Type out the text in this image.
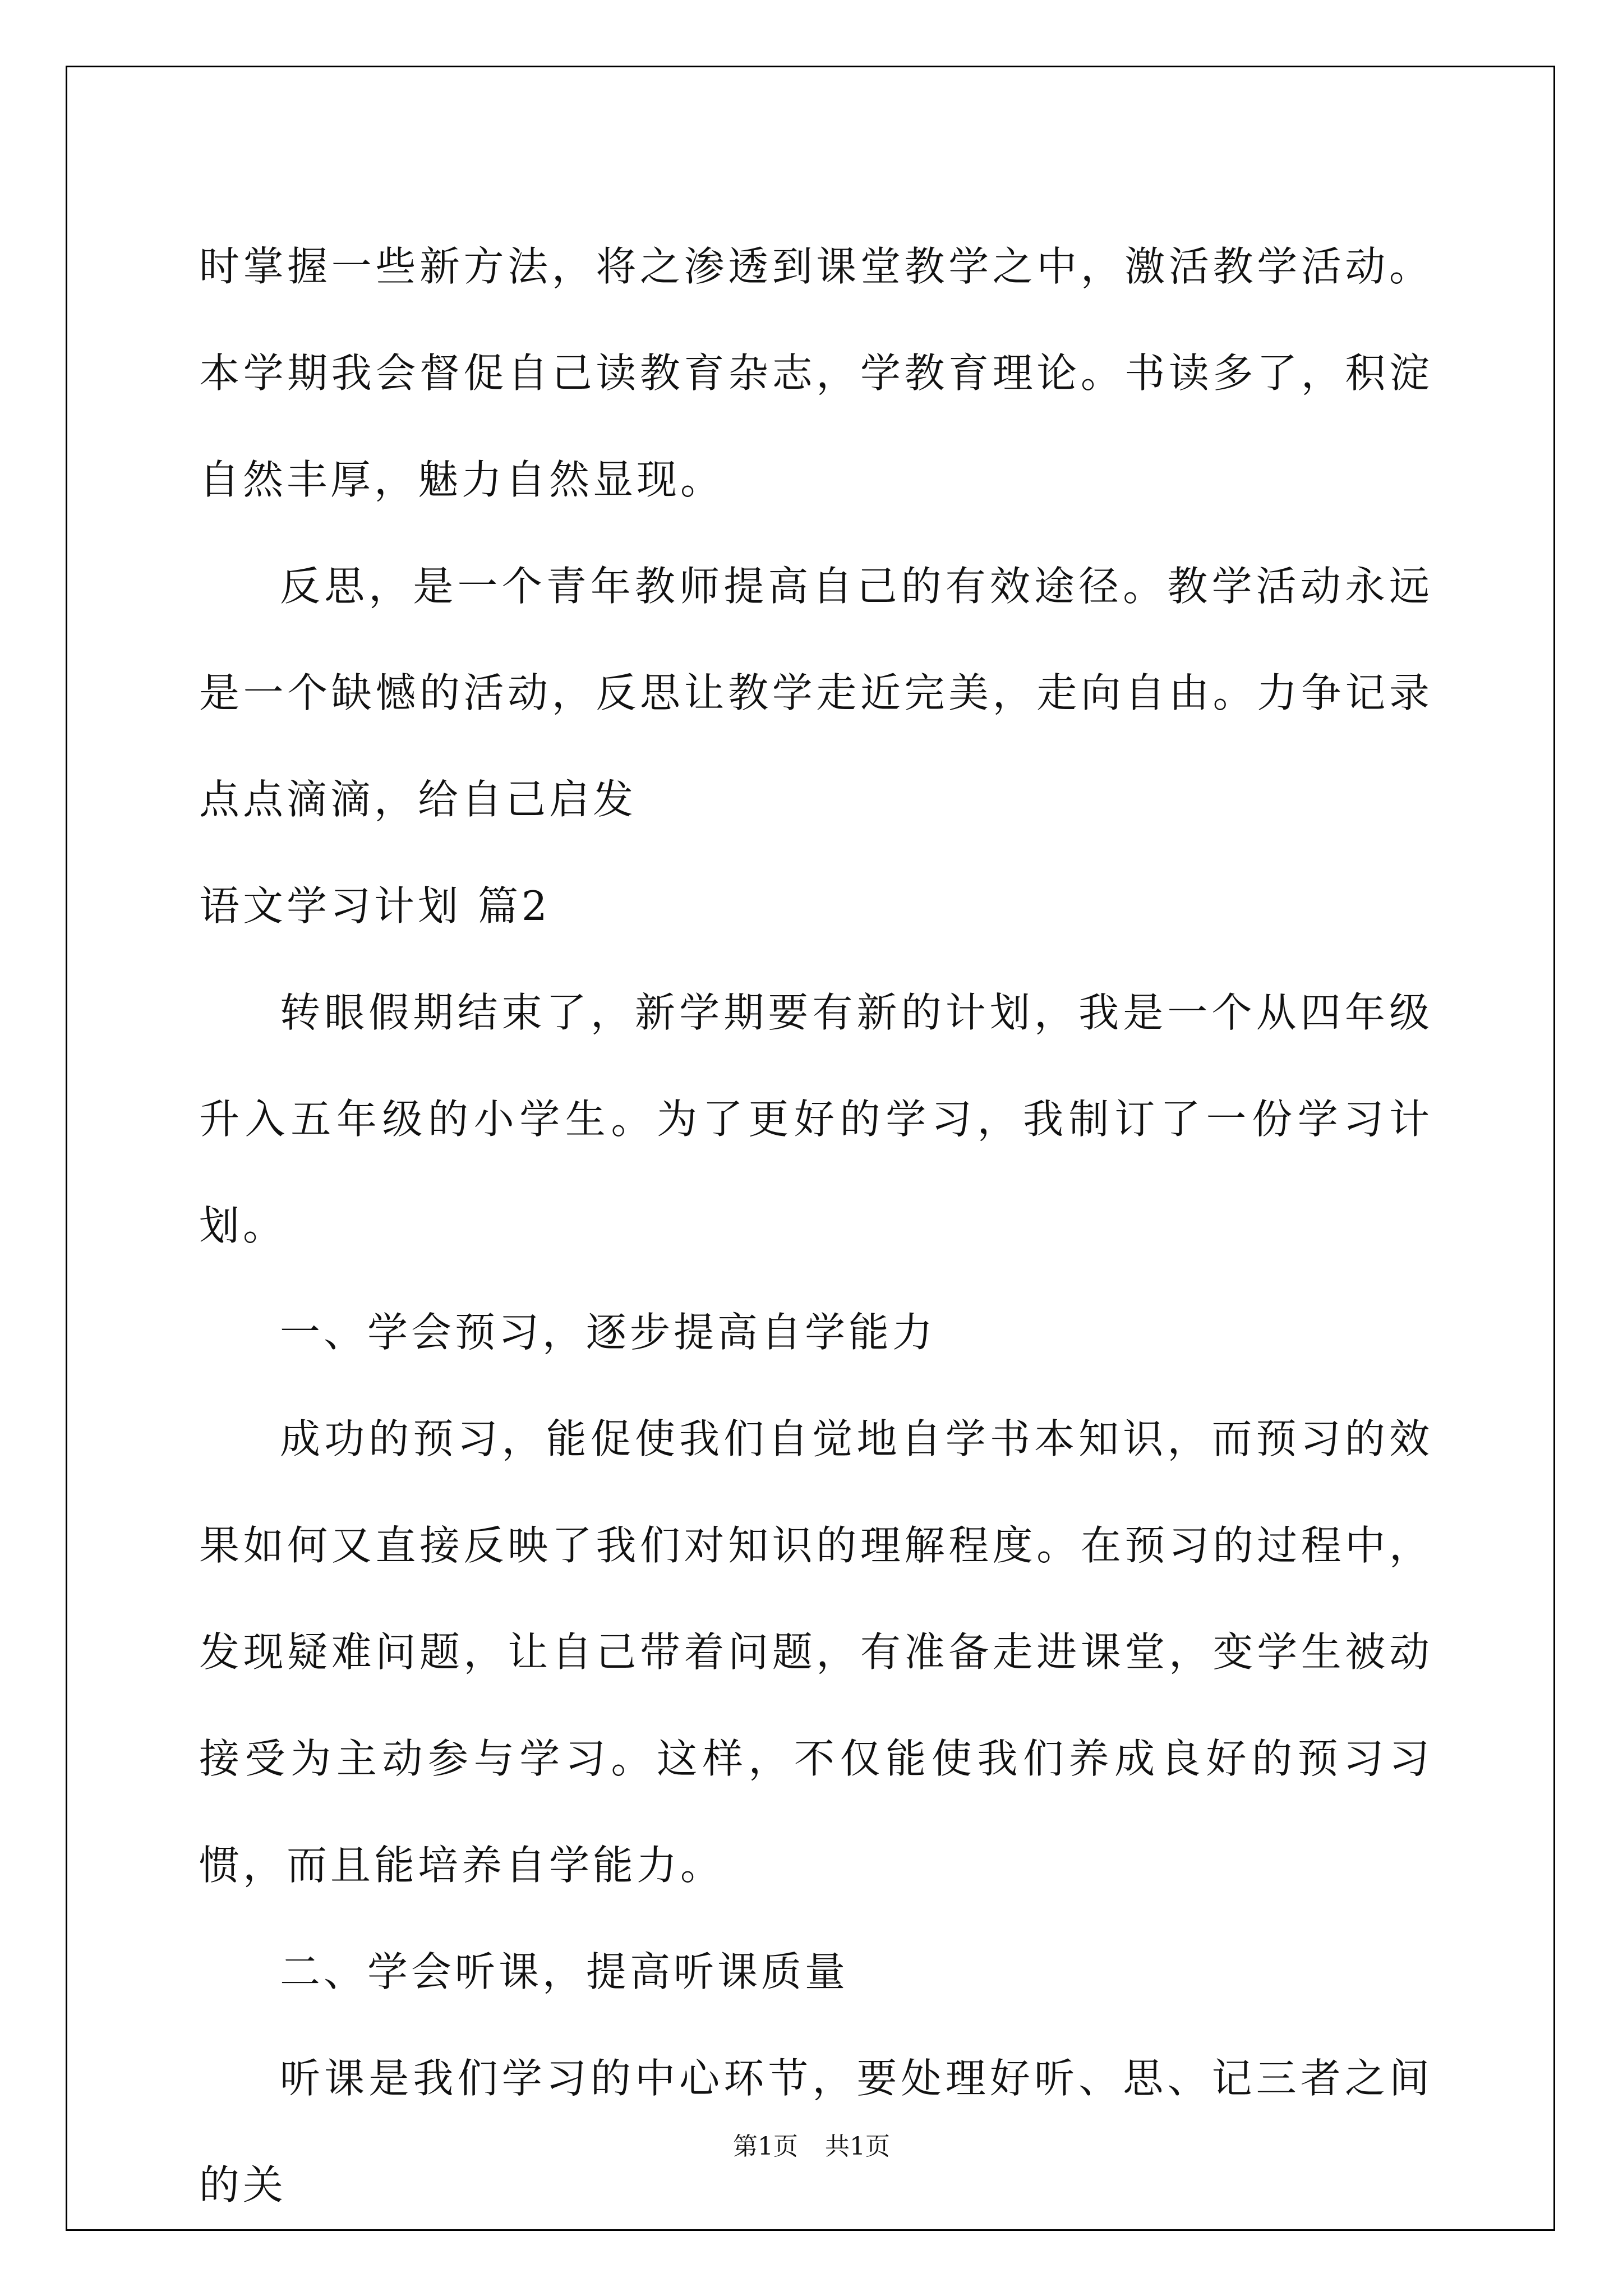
时掌握一些新方法，将之渗透到课堂教学之中，激活教学活动。本学期我会督促自己读教育杂志，学教育理论。书读多了，积淀自然丰厚，魅力自然显现。

反思，是一个青年教师提高自己的有效途径。教学活动永远是一个缺憾的活动，反思让教学走近完美，走向自由。力争记录点点滴滴，给自己启发

语文学习计划 篇2

转眼假期结束了，新学期要有新的计划，我是一个从四年级升入五年级的小学生。为了更好的学习，我制订了一份学习计划。

一、学会预习，逐步提高自学能力

成功的预习，能促使我们自觉地自学书本知识，而预习的效果如何又直接反映了我们对知识的理解程度。在预习的过程中，发现疑难问题，让自己带着问题，有准备走进课堂，变学生被动接受为主动参与学习。这样，不仅能使我们养成良好的预习习惯，而且能培养自学能力。

二、学会听课，提高听课质量

听课是我们学习的中心环节，要处理好听、思、记三者之间的关

第1页 共1页
